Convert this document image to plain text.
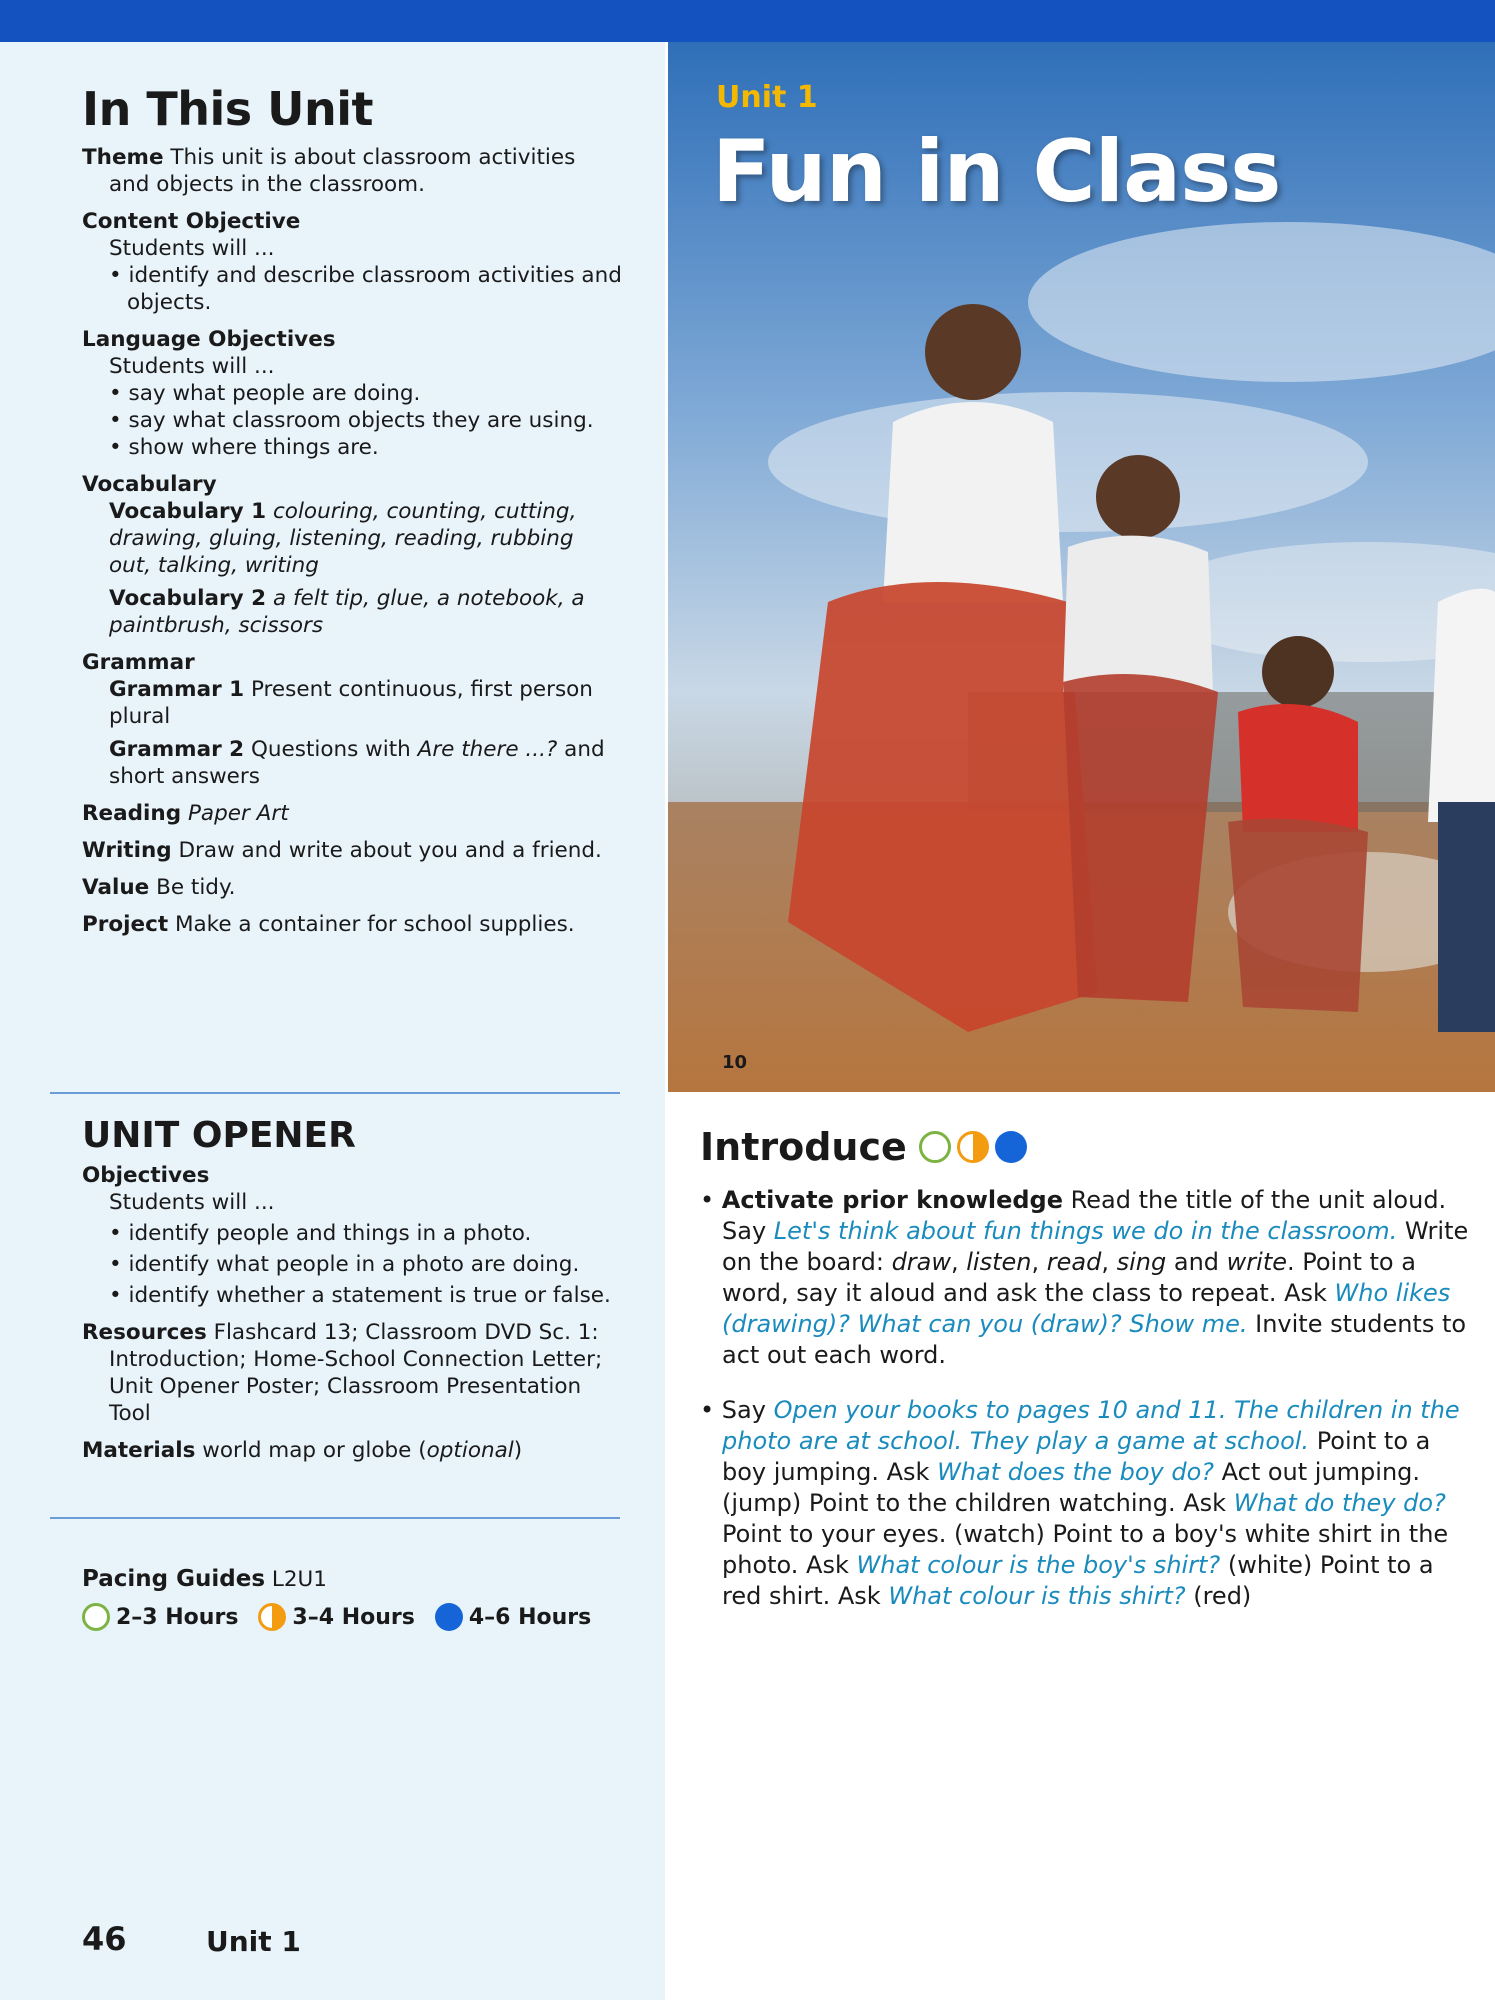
In This Unit

Theme This unit is about classroom activities and objects in the classroom.

Content Objective

Students will ...

• identify and describe classroom activities and objects.

Language Objectives

Students will ...

• say what people are doing.

• say what classroom objects they are using.

• show where things are.

Vocabulary

Vocabulary 1 colouring, counting, cutting, drawing, gluing, listening, reading, rubbing out, talking, writing

Vocabulary 2 a felt tip, glue, a notebook, a paintbrush, scissors

Grammar

Grammar 1 Present continuous, first person plural

Grammar 2 Questions with Are there ...? and short answers

Reading Paper Art

Writing Draw and write about you and a friend.

Value Be tidy.

Project Make a container for school supplies.

UNIT OPENER

Objectives

Students will ...

• identify people and things in a photo.

• identify what people in a photo are doing.

• identify whether a statement is true or false.

Resources Flashcard 13; Classroom DVD Sc. 1: Introduction; Home-School Connection Letter; Unit Opener Poster; Classroom Presentation Tool

Materials world map or globe (optional)

Pacing Guides L2U1

2–3 Hours 3–4 Hours 4–6 Hours
46	Unit 1
Unit 1
Fun in Class
10
Introduce

• Activate prior knowledge Read the title of the unit aloud. Say Let's think about fun things we do in the classroom. Write on the board: draw, listen, read, sing and write. Point to a word, say it aloud and ask the class to repeat. Ask Who likes (drawing)? What can you (draw)? Show me. Invite students to act out each word.

• Say Open your books to pages 10 and 11. The children in the photo are at school. They play a game at school. Point to a boy jumping. Ask What does the boy do? Act out jumping. (jump) Point to the children watching. Ask What do they do? Point to your eyes. (watch) Point to a boy's white shirt in the photo. Ask What colour is the boy's shirt? (white) Point to a red shirt. Ask What colour is this shirt? (red)
